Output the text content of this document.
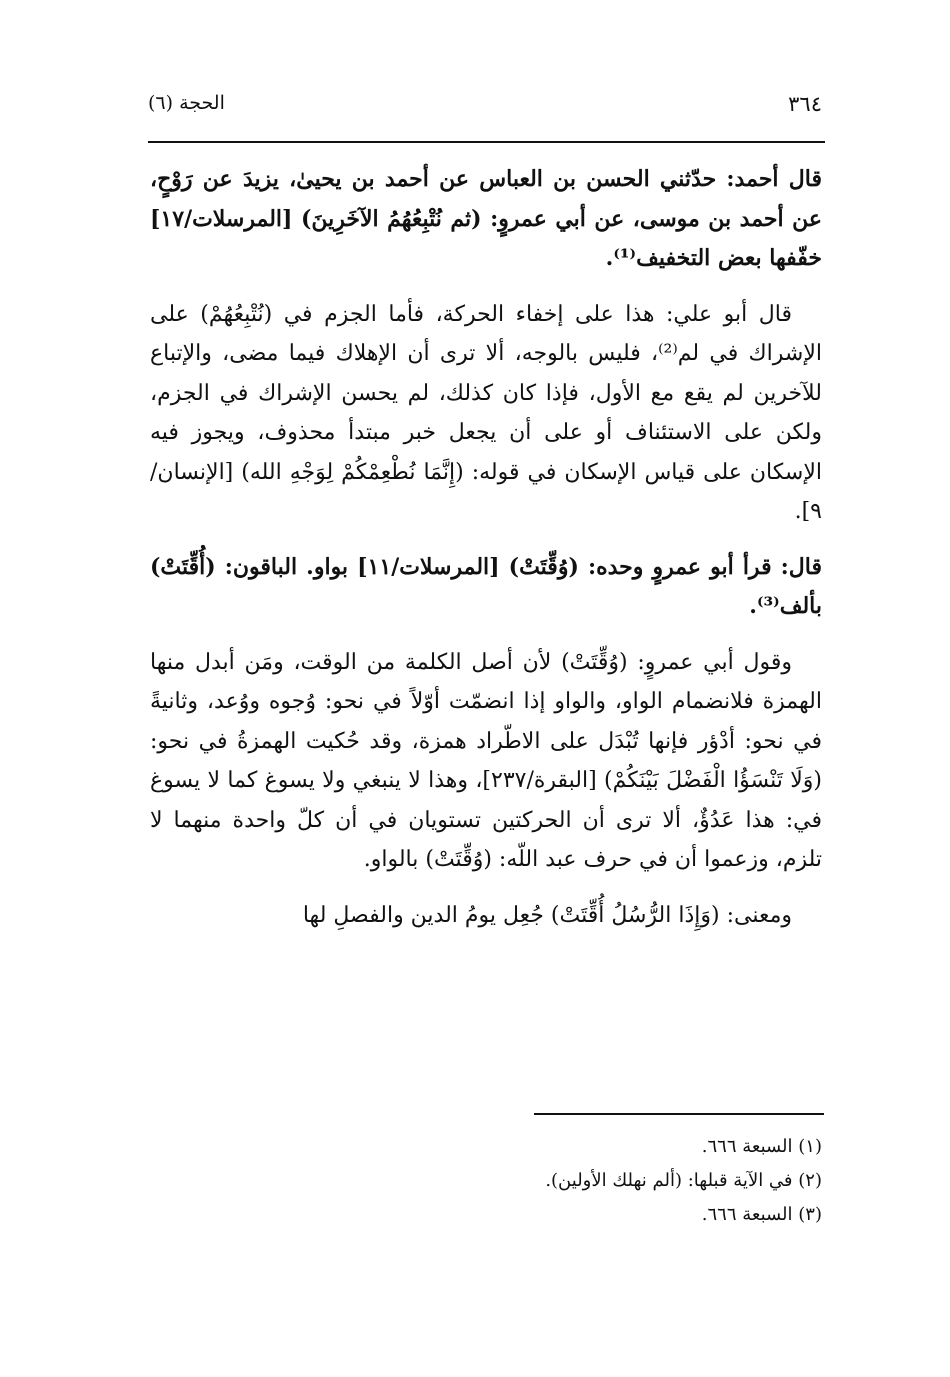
٣٦٤
الحجة (٦)

قال أحمد: حدّثني الحسن بن العباس عن أحمد بن يحيىٰ، يزيدَ عن رَوْحٍ، عن أحمد بن موسى، عن أبي عمروٍ: (ثم نُتْبِعُهُمُ الآخَرِينَ) [المرسلات/١٧] خفّفها بعض التخفيف⁽¹⁾.

قال أبو علي: هذا على إخفاء الحركة، فأما الجزم في (نُتْبِعُهُمْ) على الإشراك في لم⁽²⁾، فليس بالوجه، ألا ترى أن الإهلاك فيما مضى، والإتباع للآخرين لم يقع مع الأول، فإذا كان كذلك، لم يحسن الإشراك في الجزم، ولكن على الاستئناف أو على أن يجعل خبر مبتدأ محذوف، ويجوز فيه الإسكان على قياس الإسكان في قوله: (إِنَّمَا نُطْعِمْكُمْ لِوَجْهِ الله) [الإنسان/٩].

قال: قرأ أبو عمروٍ وحده: (وُقِّتَتْ) [المرسلات/١١] بواو. الباقون: (أُقِّتَتْ) بألف⁽³⁾.

وقول أبي عمروٍ: (وُقِّتَتْ) لأن أصل الكلمة من الوقت، ومَن أبدل منها الهمزة فلانضمام الواو، والواو إذا انضمّت أوّلاً في نحو: وُجوه ووُعد، وثانيةً في نحو: أدْؤر فإنها تُبْدَل على الاطّراد همزة، وقد حُكيت الهمزةُ في نحو: (وَلَا تَنْسَؤُا الْفَضْلَ بَيْنَكُمْ) [البقرة/٢٣٧]، وهذا لا ينبغي ولا يسوغ كما لا يسوغ في: هذا عَدُؤٌ، ألا ترى أن الحركتين تستويان في أن كلّ واحدة منهما لا تلزم، وزعموا أن في حرف عبد اللّه: (وُقِّتَتْ) بالواو.

ومعنى: (وَإِذَا الرُّسُلُ أُقِّتَتْ) جُعِل يومُ الدين والفصلِ لها

(١) السبعة ٦٦٦.

(٢) في الآية قبلها: (ألم نهلك الأولين).

(٣) السبعة ٦٦٦.
